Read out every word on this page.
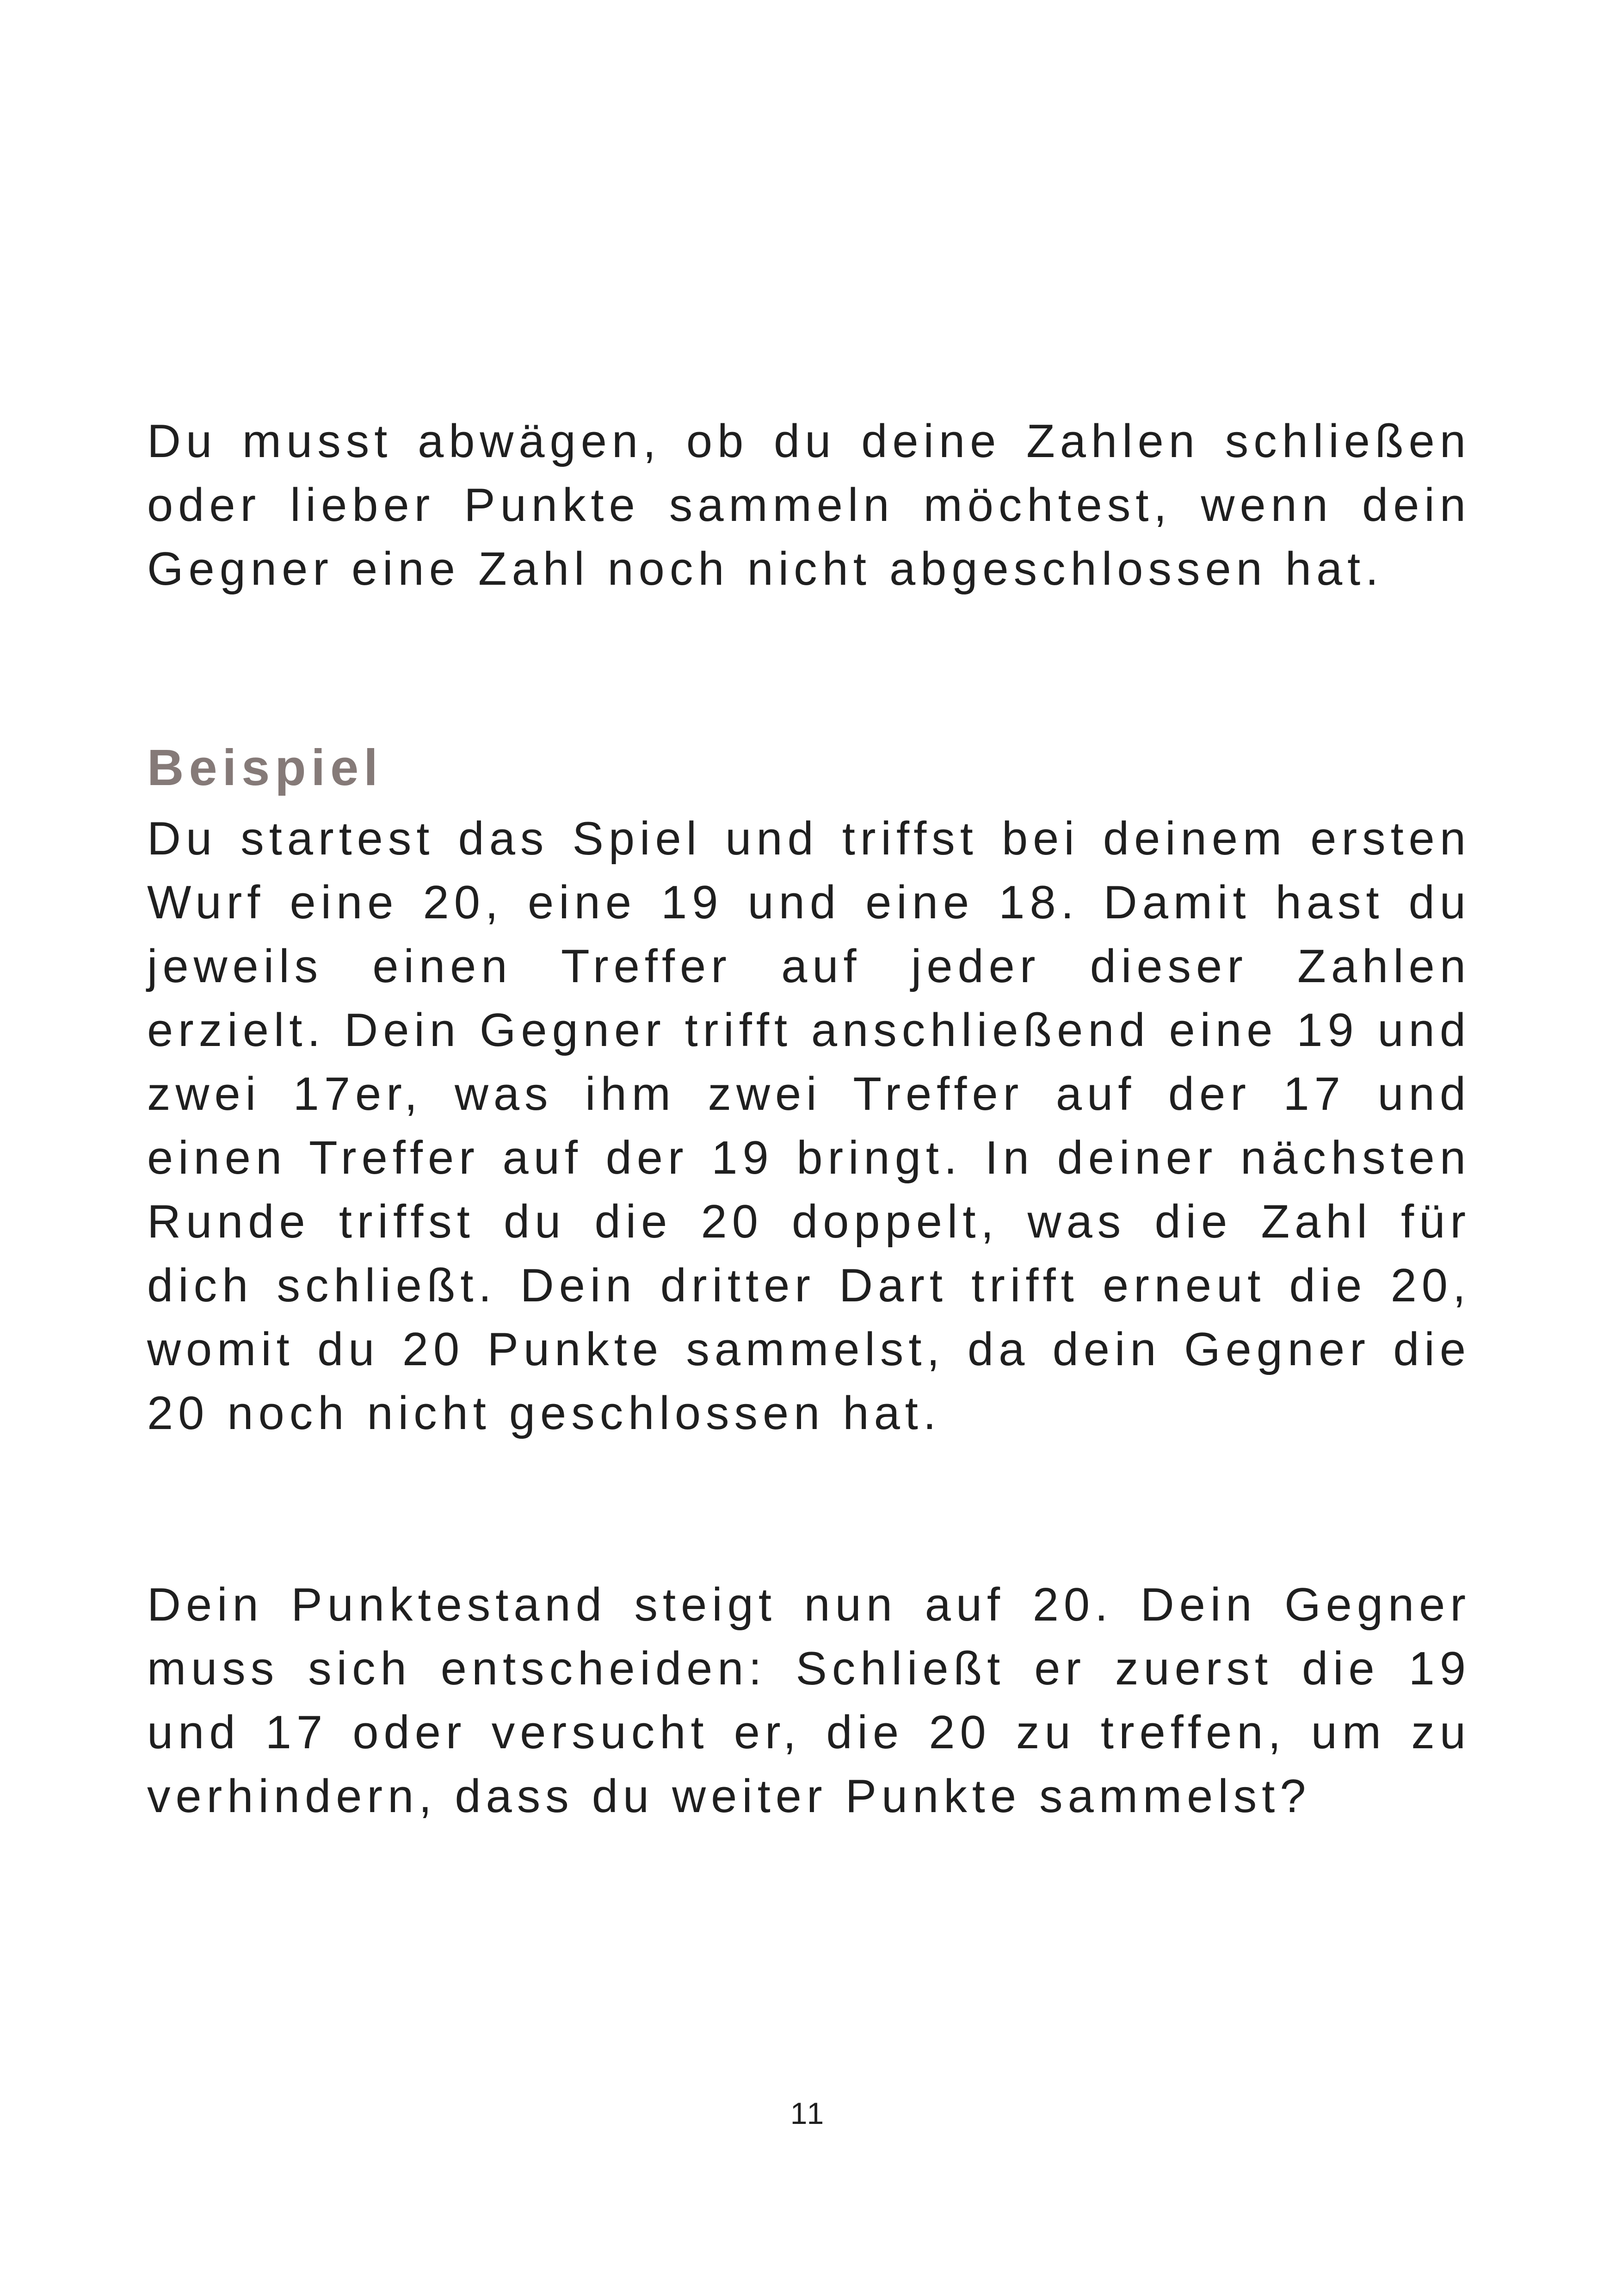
Du musst abwägen, ob du deine Zahlen schließen oder lieber Punkte sammeln möchtest, wenn dein Gegner eine Zahl noch nicht abgeschlossen hat.

Beispiel

Du startest das Spiel und triffst bei deinem ersten Wurf eine 20, eine 19 und eine 18. Damit hast du jeweils einen Treffer auf jeder dieser Zahlen erzielt. Dein Gegner trifft anschließend eine 19 und zwei 17er, was ihm zwei Treffer auf der 17 und einen Treffer auf der 19 bringt. In deiner nächsten Runde triffst du die 20 doppelt, was die Zahl für dich schließt. Dein dritter Dart trifft erneut die 20, womit du 20 Punkte sammelst, da dein Gegner die 20 noch nicht geschlossen hat.

Dein Punktestand steigt nun auf 20. Dein Gegner muss sich entscheiden: Schließt er zuerst die 19 und 17 oder versucht er, die 20 zu treffen, um zu verhindern, dass du weiter Punkte sammelst?

11
